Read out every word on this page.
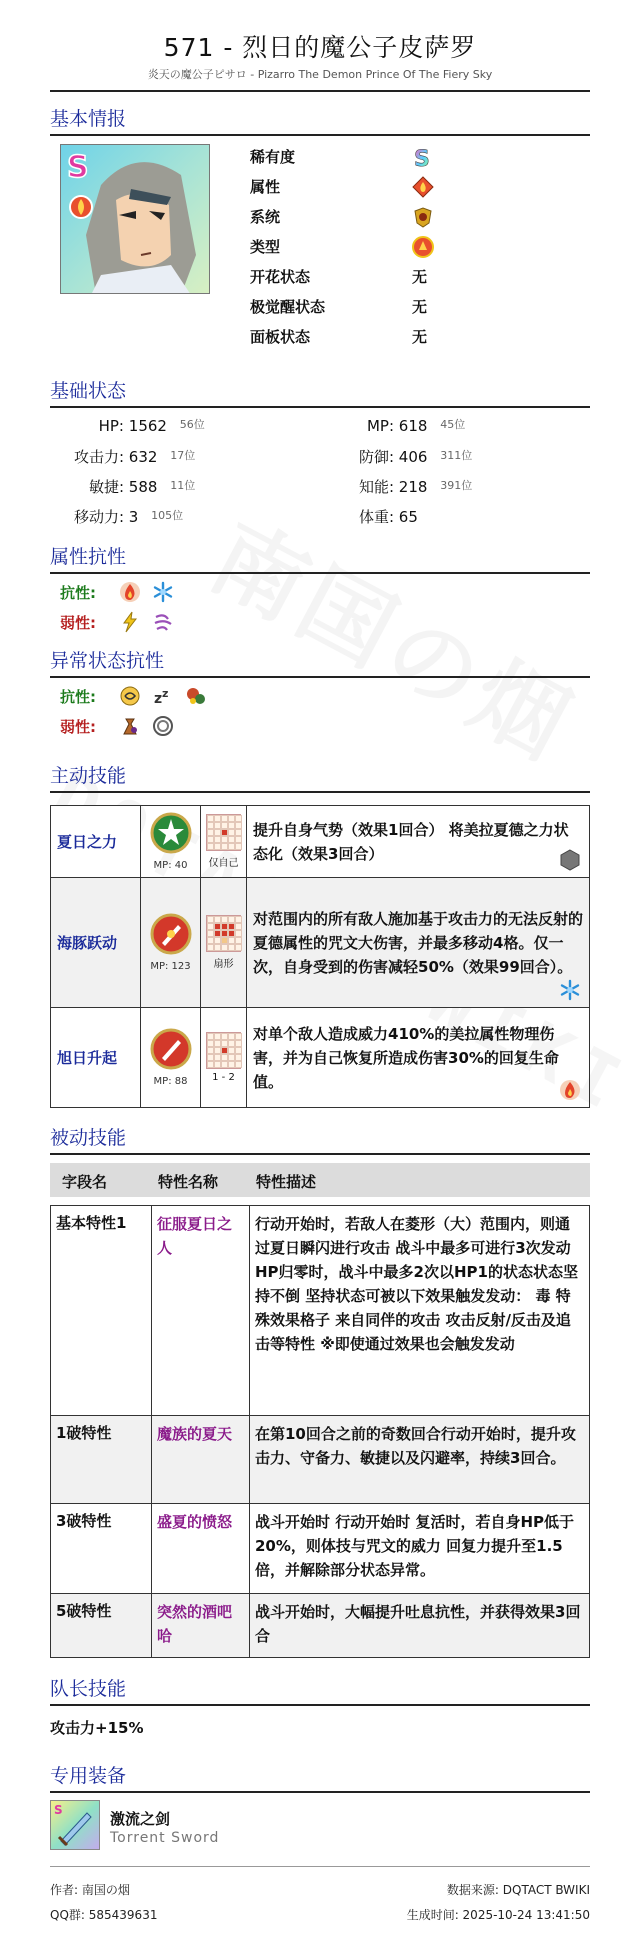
571 - 烈日的魔公子皮萨罗
炎天の魔公子ピサロ - Pizarro The Demon Prince Of The Fiery Sky
基本情报
S	稀有度	S
属性
系统
类型
开花状态	无
极觉醒状态	无
面板状态	无
基础状态
HP: 1562 $^{56位}$	MP: 618 $^{45位}$
攻击力: 632 $^{17位}$	防御: 406 $^{311位}$
敏捷: 588 $^{11位}$	知能: 218 $^{391位}$
移动力: 3 $^{105位}$	体重: 65
属性抗性
抗性:
弱性:
异常状态抗性
抗性:	z z
弱性:
主动技能
夏日之力	MP: 40	仅自己	提升自身气势（效果1回合） 将美拉夏德之力状态化（效果3回合）

海豚跃动	MP: 123	扇形	对范围内的所有敌人施加基于攻击力的无法反射的夏德属性的咒文大伤害，并最多移动4格。仅一次，自身受到的伤害减轻50%（效果99回合）。

旭日升起	MP: 88	1 - 2	对单个敌人造成威力410%的美拉属性物理伤害，并为自己恢复所造成伤害30%的回复生命值。
被动技能
字段名	特性名称	特性描述
基本特性1	征服夏日之人	行动开始时，若敌人在菱形（大）范围内，则通过夏日瞬闪进行攻击 战斗中最多可进行3次发动 HP归零时，战斗中最多2次以HP1的状态状态坚持不倒 坚持状态可被以下效果触发发动： 毒 特殊效果格子 来自同伴的攻击 攻击反射/反击及追击等特性 ※即使通过效果也会触发发动
1破特性	魔族的夏天	在第10回合之前的奇数回合行动开始时，提升攻击力、守备力、敏捷以及闪避率，持续3回合。
3破特性	盛夏的愤怒	战斗开始时 行动开始时 复活时，若自身HP低于20%，则体技与咒文的威力 回复力提升至1.5倍，并解除部分状态异常。
5破特性	突然的酒吧哈	战斗开始时，大幅提升吐息抗性，并获得效果3回合
队长技能
攻击力+15%
专用装备
S	激流之剑
Torrent Sword
作者: 南国の烟
QQ群: 585439631
数据来源: DQTACT BWIKI
生成时间: 2025-10-24 13:41:50
